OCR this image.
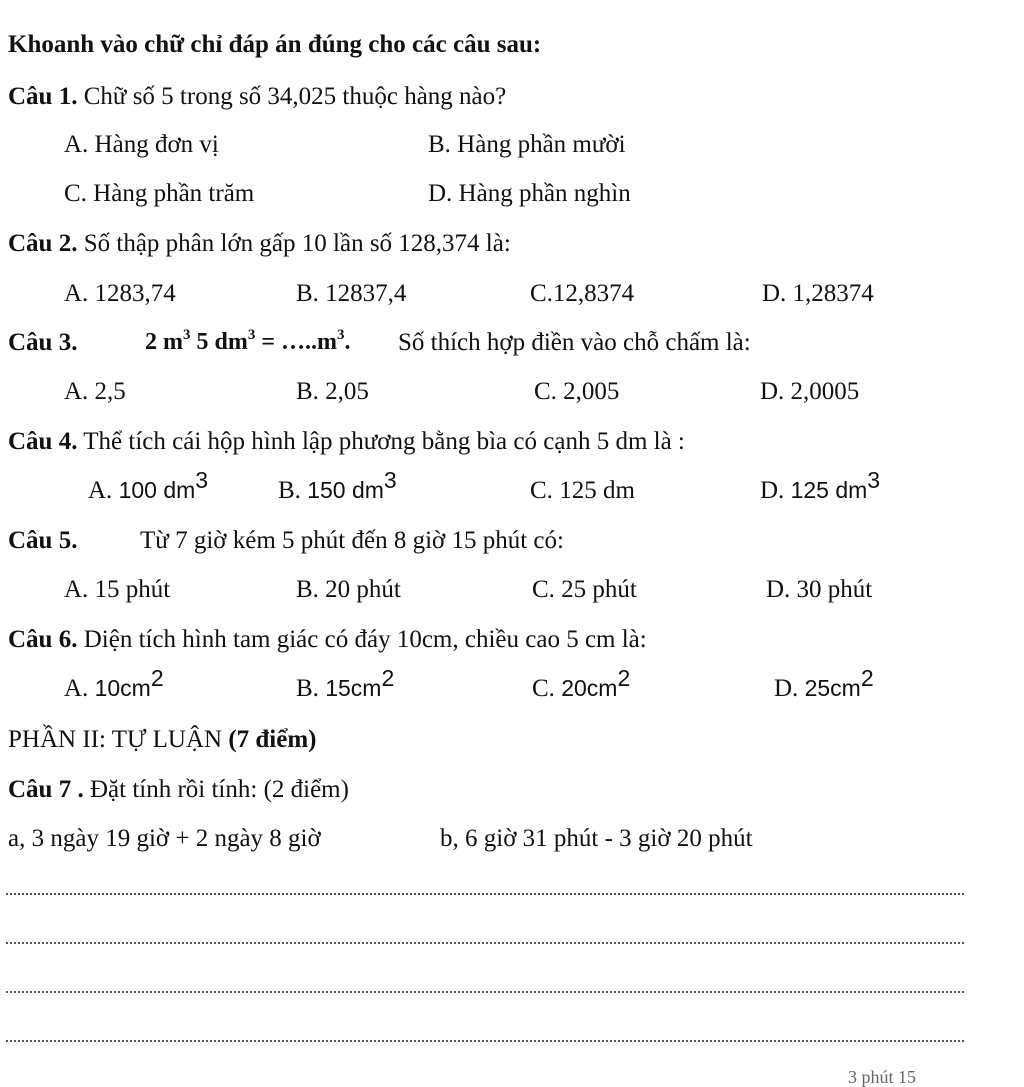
Khoanh vào chữ chỉ đáp án đúng cho các câu sau:
Câu 1. Chữ số 5 trong số 34,025 thuộc hàng nào?
A. Hàng đơn vị	B. Hàng phần mười
C. Hàng phần trăm	D. Hàng phần nghìn
Câu 2. Số thập phân lớn gấp 10 lần số 128,374 là:
A. 1283,74	B. 12837,4	C.12,8374	D. 1,28374
Câu 3.	2 $m^3$ 5 $dm^3$ = $\dots..m^3$. Số thích hợp điền vào chỗ chấm là:
A. 2,5	B. 2,05	C. 2,005	D. 2,0005
Câu 4. Thể tích cái hộp hình lập phương bằng bìa có cạnh 5 dm là :
A. 100 $dm^3$	B. 150 $dm^3$	C. 125 dm	D. 125 $dm^3$
Câu 5.	Từ 7 giờ kém 5 phút đến 8 giờ 15 phút có:
A. 15 phút	B. 20 phút	C. 25 phút	D. 30 phút
Câu 6. Diện tích hình tam giác có đáy 10cm, chiều cao 5 cm là:
A. $10cm^2$	B. $15cm^2$	C. $20cm^2$	D. $25cm^2$
PHẦN II: TỰ LUẬN (7 điểm)
Câu 7 . Đặt tính rồi tính: (2 điểm)
a, 3 ngày 19 giờ + 2 ngày 8 giờ	b, 6 giờ 31 phút - 3 giờ 20 phút
3 phút 15
